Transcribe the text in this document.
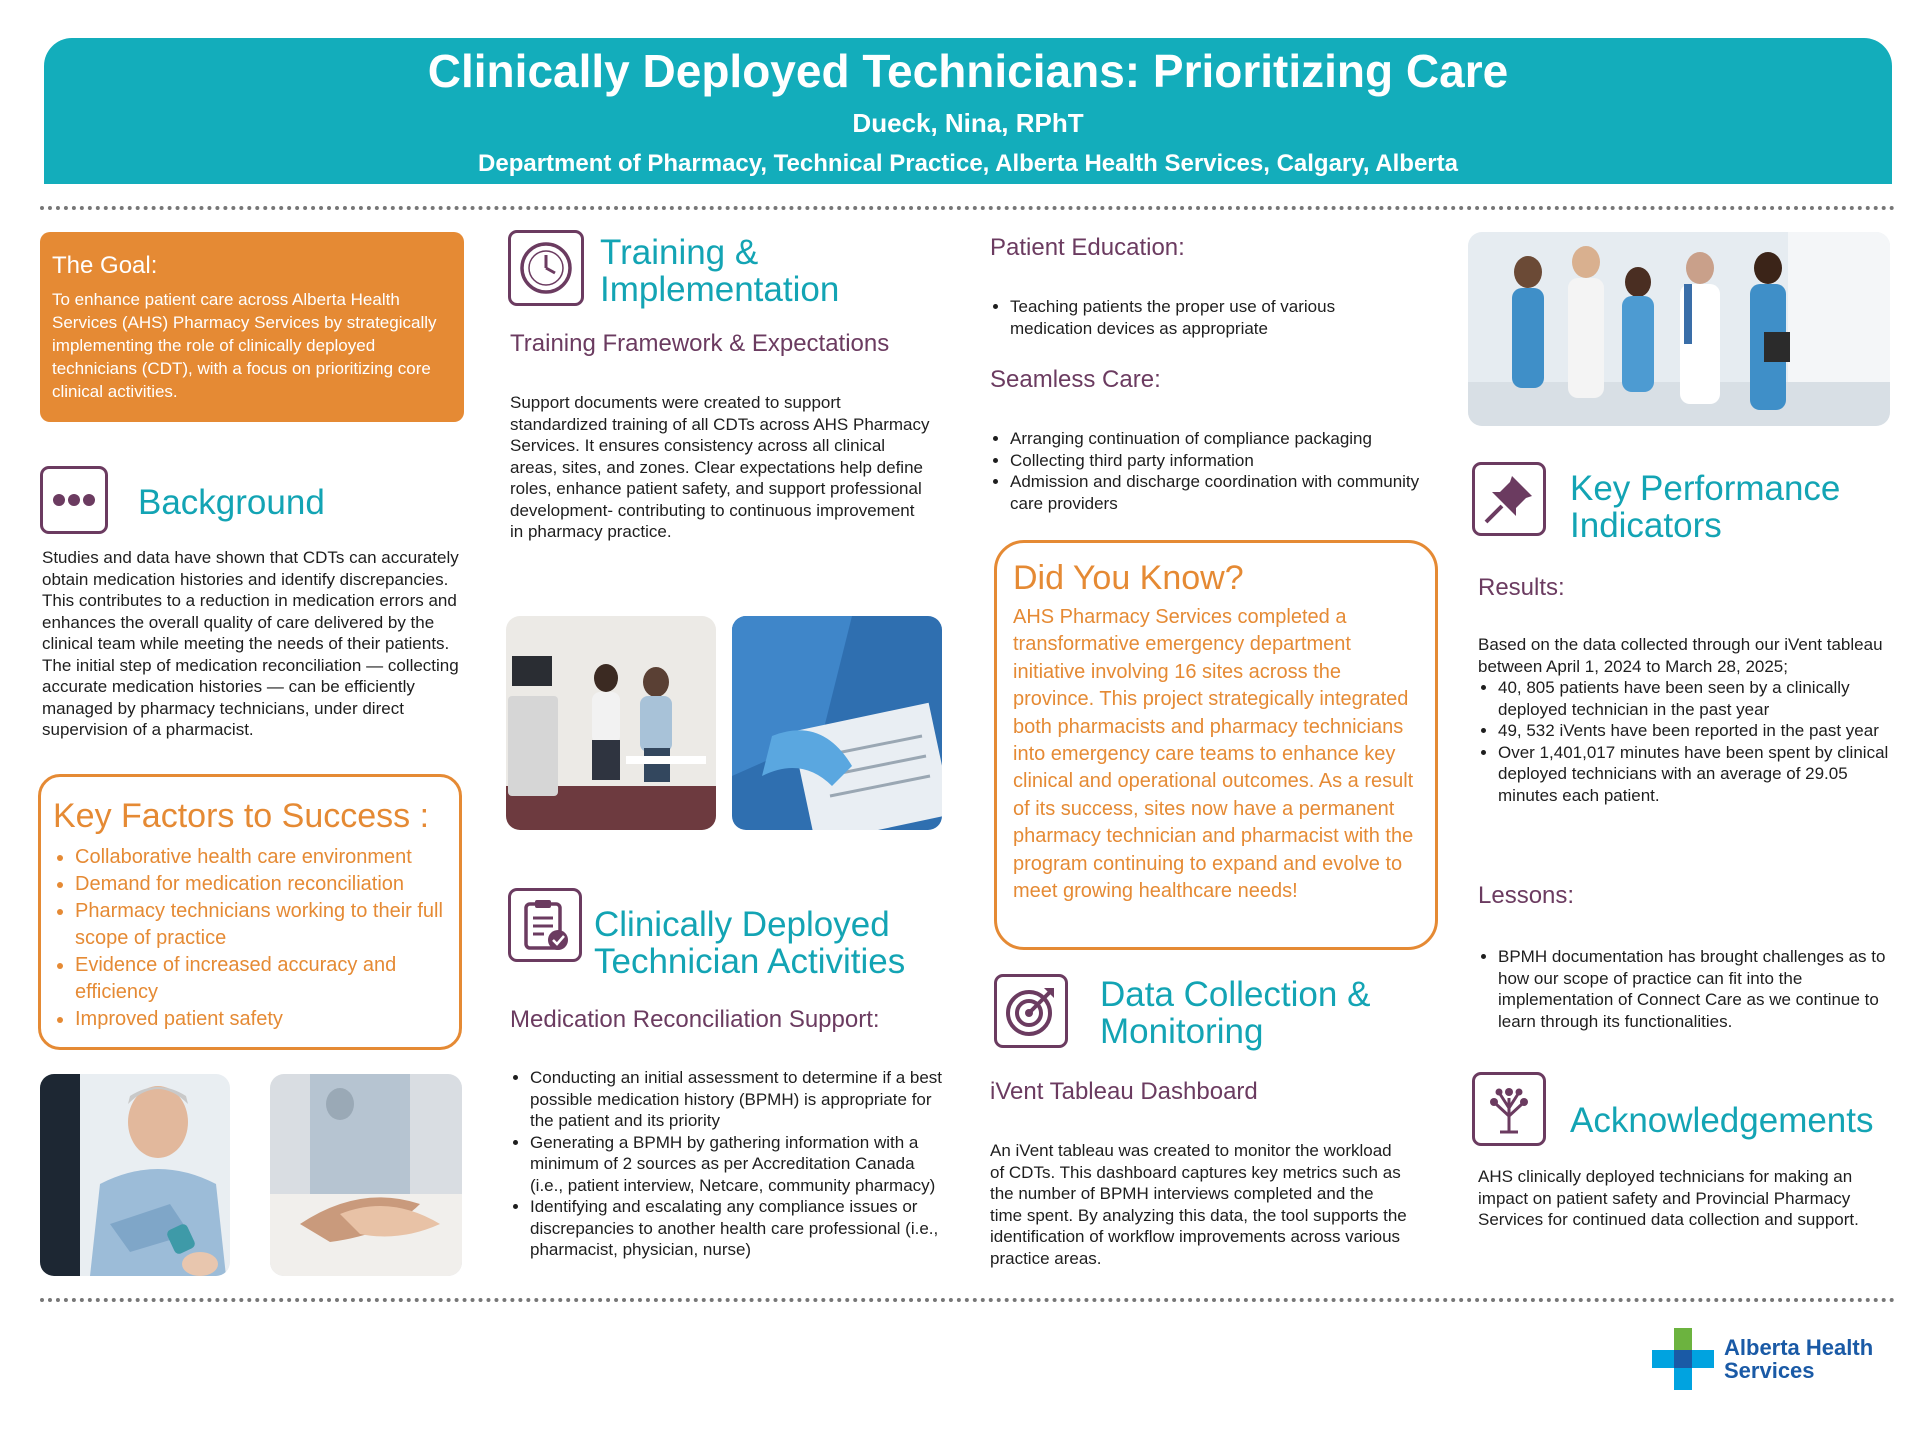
Clinically Deployed Technicians: Prioritizing Care
Dueck, Nina, RPhT
Department of Pharmacy, Technical Practice, Alberta Health Services, Calgary, Alberta
The Goal:
To enhance patient care across Alberta Health Services (AHS) Pharmacy Services by strategically implementing the role of clinically deployed technicians (CDT), with a focus on prioritizing core clinical activities.
Background
Studies and data have shown that CDTs can accurately obtain medication histories and identify discrepancies. This contributes to a reduction in medication errors and enhances the overall quality of care delivered by the clinical team while meeting the needs of their patients. The initial step of medication reconciliation — collecting accurate medication histories — can be efficiently managed by pharmacy technicians, under direct supervision of a pharmacist.
Key Factors to Success :
• Collaborative health care environment
• Demand for medication reconciliation
• Pharmacy technicians working to their full scope of practice
• Evidence of increased accuracy and efficiency
• Improved patient safety
Training &
Implementation
Training Framework & Expectations
Support documents were created to support standardized training of all CDTs across AHS Pharmacy Services. It ensures consistency across all clinical areas, sites, and zones. Clear expectations help define roles, enhance patient safety, and support professional development- contributing to continuous improvement in pharmacy practice.
Clinically Deployed
Technician Activities
Medication Reconciliation Support:
• Conducting an initial assessment to determine if a best possible medication history (BPMH) is appropriate for the patient and its priority
• Generating a BPMH by gathering information with a minimum of 2 sources as per Accreditation Canada (i.e., patient interview, Netcare, community pharmacy)
• Identifying and escalating any compliance issues or discrepancies to another health care professional (i.e., pharmacist, physician, nurse)
Patient Education:
• Teaching patients the proper use of various medication devices as appropriate
Seamless Care:
• Arranging continuation of compliance packaging
• Collecting third party information
• Admission and discharge coordination with community care providers
Did You Know?
AHS Pharmacy Services completed a transformative emergency department initiative involving 16 sites across the province. This project strategically integrated both pharmacists and pharmacy technicians into emergency care teams to enhance key clinical and operational outcomes. As a result of its success, sites now have a permanent pharmacy technician and pharmacist with the program continuing to expand and evolve to meet growing healthcare needs!
Data Collection &
Monitoring
iVent Tableau Dashboard
An iVent tableau was created to monitor the workload of CDTs. This dashboard captures key metrics such as the number of BPMH interviews completed and the time spent. By analyzing this data, the tool supports the identification of workflow improvements across various practice areas.
Key Performance
Indicators
Results:
Based on the data collected through our iVent tableau between April 1, 2024 to March 28, 2025;
• 40, 805 patients have been seen by a clinically deployed technician in the past year
• 49, 532 iVents have been reported in the past year
• Over 1,401,017 minutes have been spent by clinical deployed technicians with an average of 29.05 minutes each patient.
Lessons:
• BPMH documentation has brought challenges as to how our scope of practice can fit into the implementation of Connect Care as we continue to learn through its functionalities.
Acknowledgements
AHS clinically deployed technicians for making an impact on patient safety and Provincial Pharmacy Services for continued data collection and support.
Alberta Health
Services
